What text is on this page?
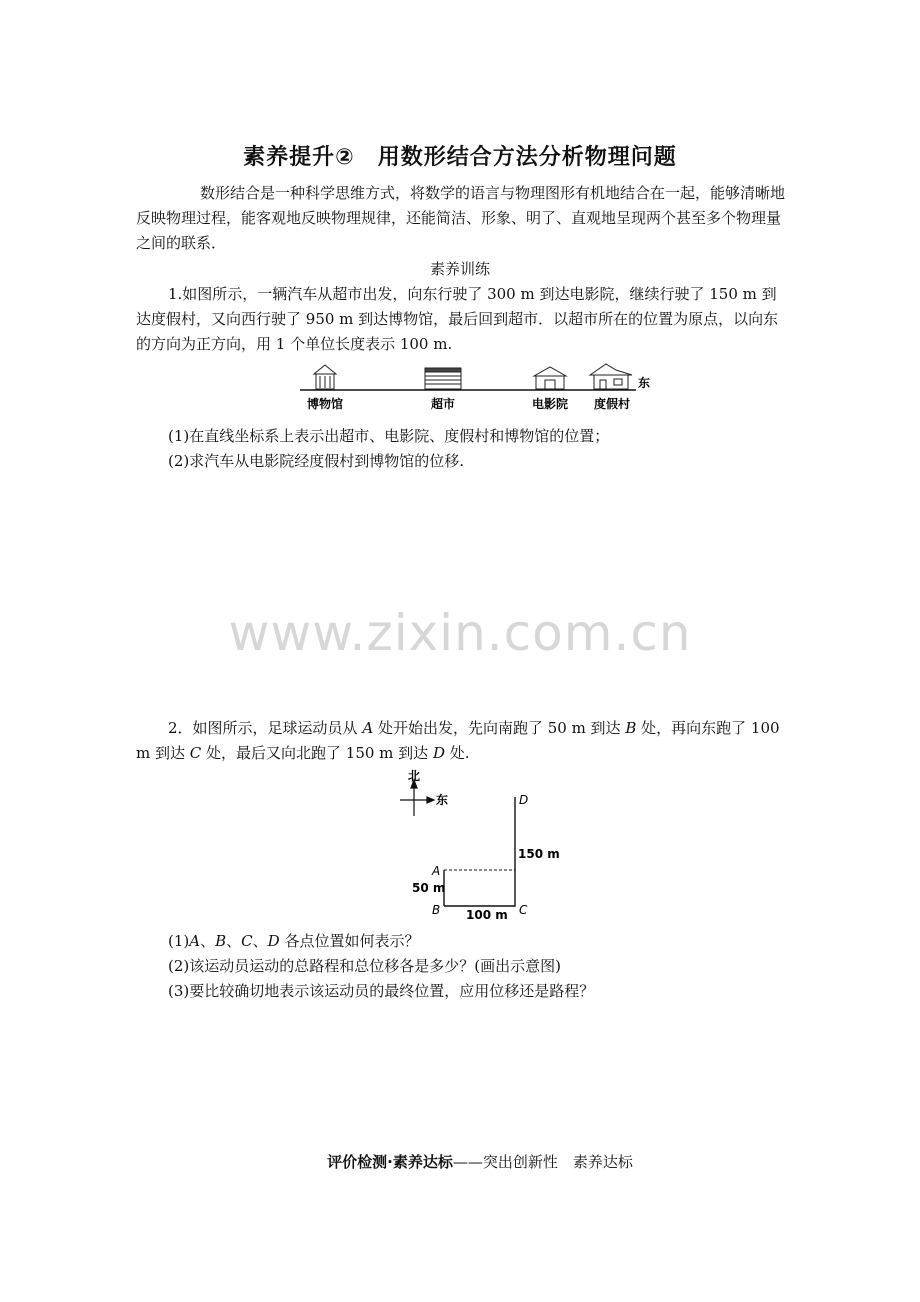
素养提升②　用数形结合方法分析物理问题
数形结合是一种科学思维方式，将数学的语言与物理图形有机地结合在一起，能够清晰地反映物理过程，能客观地反映物理规律，还能简洁、形象、明了、直观地呈现两个甚至多个物理量之间的联系．
素养训练
1.如图所示，一辆汽车从超市出发，向东行驶了 300 m 到达电影院，继续行驶了 150 m 到达度假村，又向西行驶了 950 m 到达博物馆，最后回到超市．以超市所在的位置为原点，以向东的方向为正方向，用 1 个单位长度表示 100 m.
东
博物馆	超市	电影院 度假村
(1)在直线坐标系上表示出超市、电影院、度假村和博物馆的位置；
(2)求汽车从电影院经度假村到博物馆的位移.
www.zixin.com.cn
2．如图所示，足球运动员从 A 处开始出发，先向南跑了 50 m 到达 B 处，再向东跑了 100 m 到达 C 处，最后又向北跑了 150 m 到达 D 处.
北
东	D
A
B	C
150 m
50 m
100 m
(1)A、B、C、D 各点位置如何表示？
(2)该运动员运动的总路程和总位移各是多少？(画出示意图)
(3)要比较确切地表示该运动员的最终位置，应用位移还是路程？
评价检测·素养达标——突出创新性　素养达标
